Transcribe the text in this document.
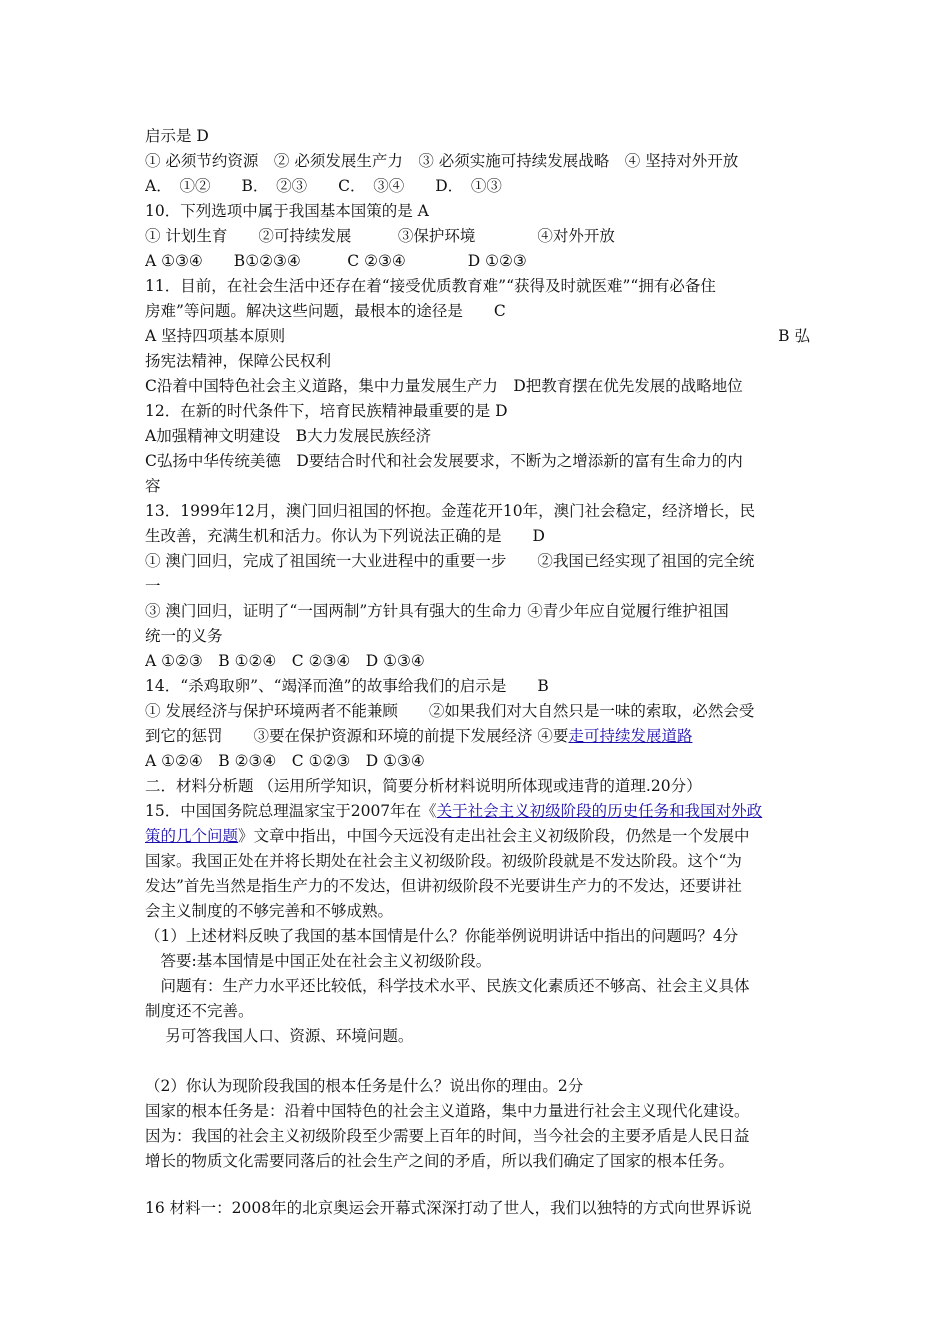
启示是 D
① 必须节约资源　② 必须发展生产力　③ 必须实施可持续发展战略　④ 坚持对外开放
A．　①②　　B．　②③　　C．　③④　　D．　①③
10．下列选项中属于我国基本国策的是 A
① 计划生育　　②可持续发展　　　③保护环境　　　　④对外开放
A ①③④　　B①②③④　　　C ②③④　　　　D ①②③
11．目前，在社会生活中还存在着“接受优质教育难”“获得及时就医难”“拥有必备住
房难”等问题。解决这些问题，最根本的途径是　　C
A 坚持四项基本原则	B 弘
扬宪法精神，保障公民权利
C沿着中国特色社会主义道路，集中力量发展生产力　D把教育摆在优先发展的战略地位
12．在新的时代条件下，培育民族精神最重要的是 D
A加强精神文明建设　B大力发展民族经济
C弘扬中华传统美德　D要结合时代和社会发展要求，不断为之增添新的富有生命力的内
容
13．1999年12月，澳门回归祖国的怀抱。金莲花开10年，澳门社会稳定，经济增长，民
生改善，充满生机和活力。你认为下列说法正确的是　　D
① 澳门回归，完成了祖国统一大业进程中的重要一步　　②我国已经实现了祖国的完全统
一
③ 澳门回归，证明了“一国两制”方针具有强大的生命力 ④青少年应自觉履行维护祖国
统一的义务
A ①②③　B ①②④　C ②③④　D ①③④
14．“杀鸡取卵”、“竭泽而渔”的故事给我们的启示是　　B
① 发展经济与保护环境两者不能兼顾　　②如果我们对大自然只是一味的索取，必然会受
到它的惩罚　　③要在保护资源和环境的前提下发展经济 ④要走可持续发展道路
A ①②④　B ②③④　C ①②③　D ①③④
二．材料分析题 （运用所学知识，简要分析材料说明所体现或违背的道理.20分）
15．中国国务院总理温家宝于2007年在《关于社会主义初级阶段的历史任务和我国对外政
策的几个问题》文章中指出，中国今天远没有走出社会主义初级阶段，仍然是一个发展中
国家。我国正处在并将长期处在社会主义初级阶段。初级阶段就是不发达阶段。这个“为
发达”首先当然是指生产力的不发达，但讲初级阶段不光要讲生产力的不发达，还要讲社
会主义制度的不够完善和不够成熟。
（1）上述材料反映了我国的基本国情是什么？你能举例说明讲话中指出的问题吗？4分
　答要:基本国情是中国正处在社会主义初级阶段。
　问题有：生产力水平还比较低，科学技术水平、民族文化素质还不够高、社会主义具体
制度还不完善。
　 另可答我国人口、资源、环境问题。
（2）你认为现阶段我国的根本任务是什么？说出你的理由。2分
国家的根本任务是：沿着中国特色的社会主义道路，集中力量进行社会主义现代化建设。
因为：我国的社会主义初级阶段至少需要上百年的时间，当今社会的主要矛盾是人民日益
增长的物质文化需要同落后的社会生产之间的矛盾，所以我们确定了国家的根本任务。
16 材料一：2008年的北京奥运会开幕式深深打动了世人，我们以独特的方式向世界诉说
